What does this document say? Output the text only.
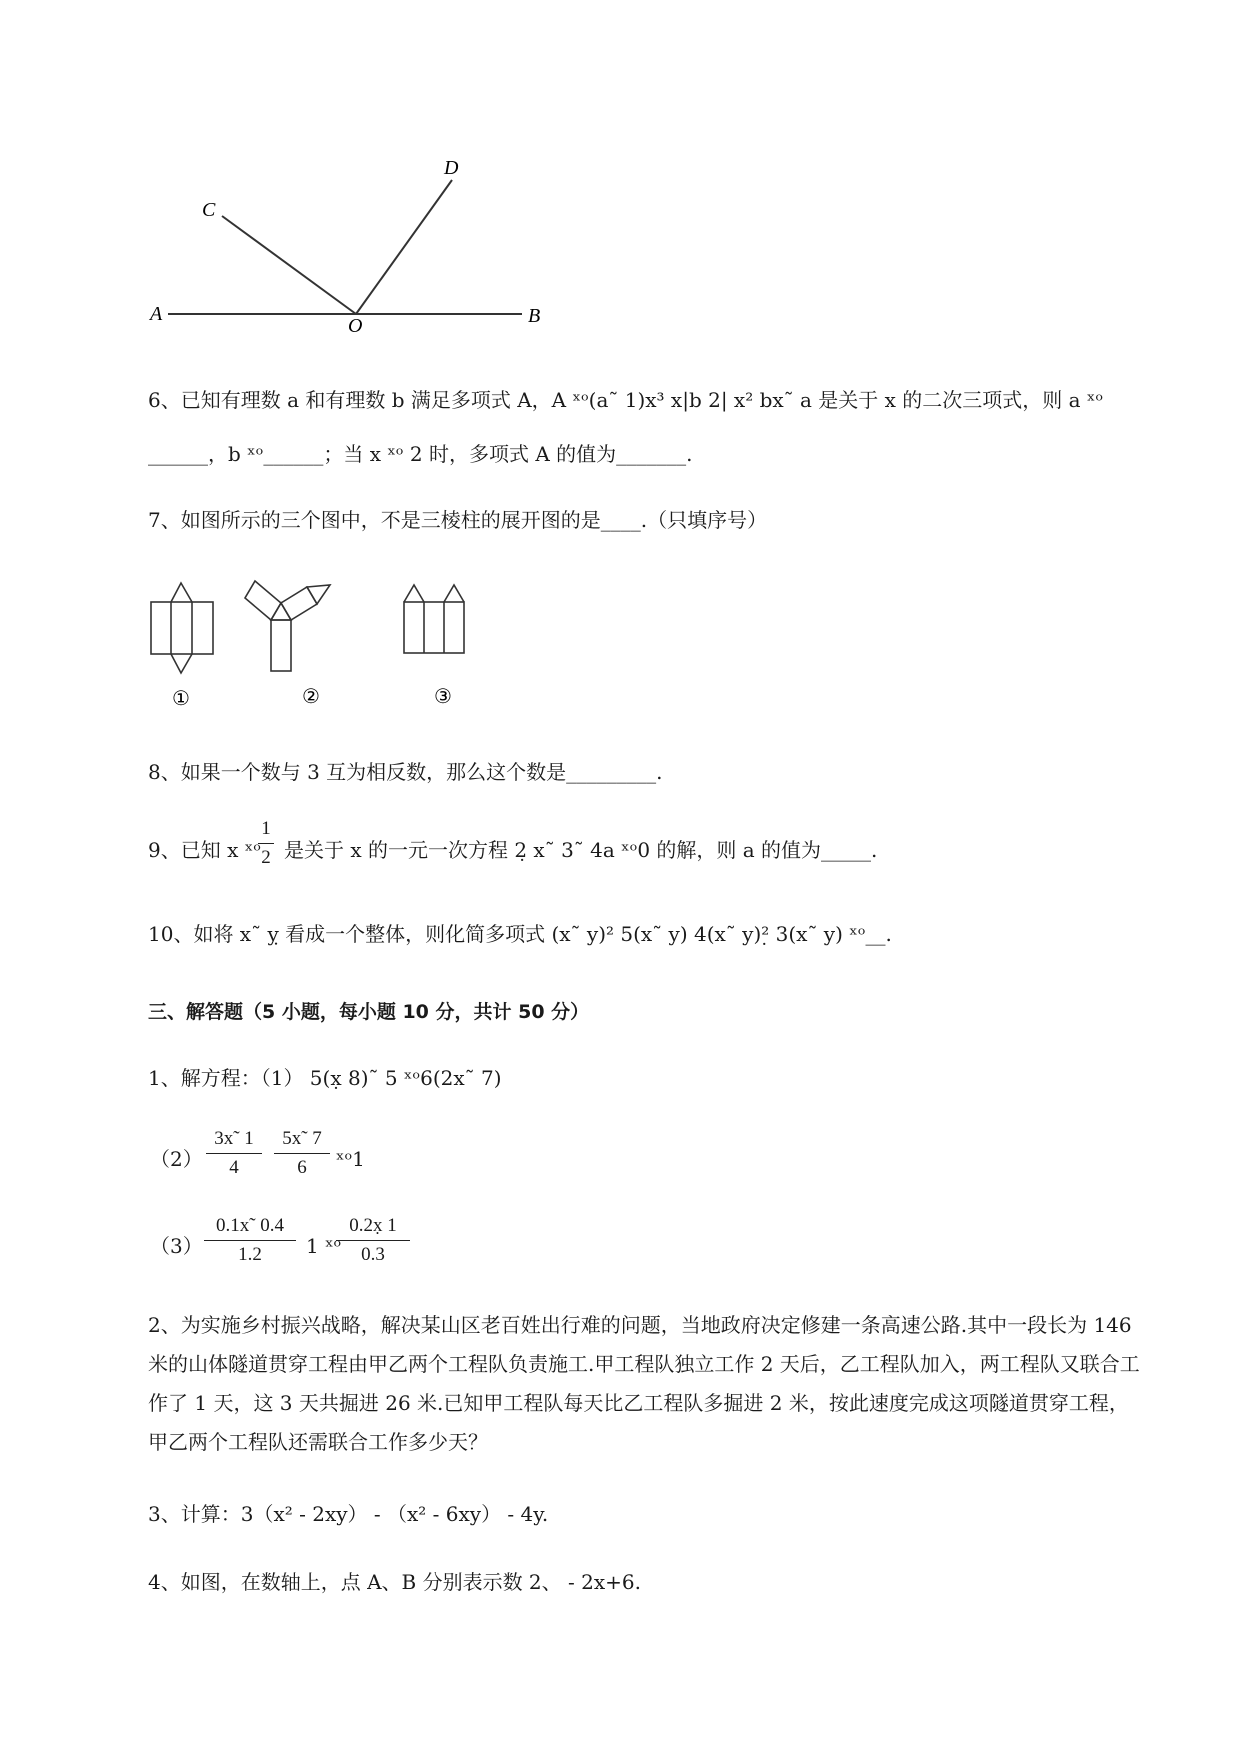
A
O	B
C
D
6、已知有理数 a 和有理数 b 满足多项式 A，A ˣᵒ(a˜ 1)x³ x|b 2| x² bx˜ a 是关于 x 的二次三项式，则 a ˣᵒ
______，b ˣᵒ______；当 x ˣᵒ 2 时，多项式 A 的值为_______.
7、如图所示的三个图中，不是三棱柱的展开图的是____.（只填序号）
①	②	③
8、如果一个数与 3 互为相反数，那么这个数是_________.
9、已知 x ˣᵒ
1
2 是关于 x 的一元一次方程 2̣ x˜ 3˜ 4a ˣᵒ0 的解，则 a 的值为_____.
10、如将 x˜ ỵ 看成一个整体，则化简多项式 (x˜ y)² 5(x˜ y) 4(x˜ y)²̣ 3(x˜ y) ˣᵒ__.
三、解答题（5 小题，每小题 10 分，共计 50 分）
1、解方程：（1） 5(x̣ 8)˜ 5 ˣᵒ6(2x˜ 7)
（2）
3x˜ 1
4
5x˜ 7
6	ˣᵒ1
（3）
0.1x˜ 0.4
1.2	1 ˣᵒ
0.2x̣ 1
0.3
2、为实施乡村振兴战略，解决某山区老百姓出行难的问题，当地政府决定修建一条高速公路.其中一段长为 146 米的山体隧道贯穿工程由甲乙两个工程队负责施工.甲工程队独立工作 2 天后，乙工程队加入，两工程队又联合工作了 1 天，这 3 天共掘进 26 米.已知甲工程队每天比乙工程队多掘进 2 米，按此速度完成这项隧道贯穿工程，甲乙两个工程队还需联合工作多少天？
3、计算：3（x² - 2xy） - （x² - 6xy） - 4y.
4、如图，在数轴上，点 A、B 分别表示数 2、 - 2x+6.
